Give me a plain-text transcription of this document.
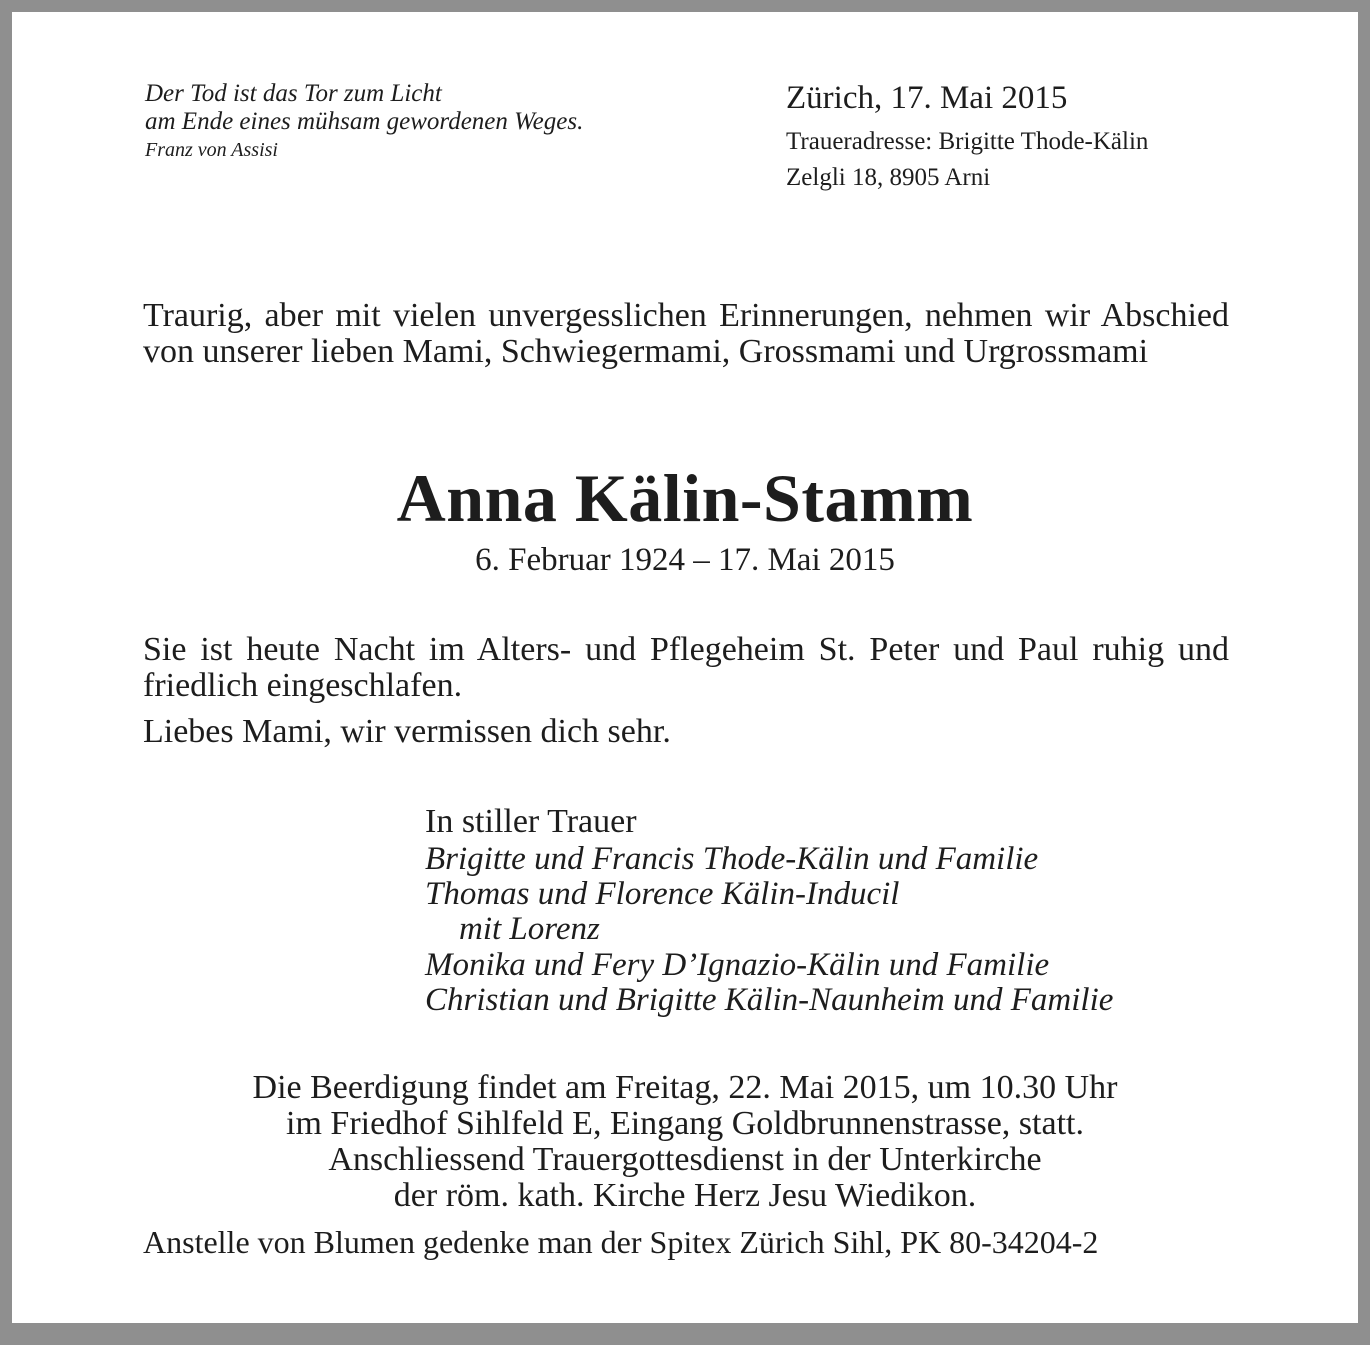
Der Tod ist das Tor zum Licht
am Ende eines mühsam gewordenen Weges.
Franz von Assisi
Zürich, 17. Mai 2015
Traueradresse: Brigitte Thode-Kälin
Zelgli 18, 8905 Arni

Traurig, aber mit vielen unvergesslichen Erinnerungen, nehmen wir Abschied von unserer lieben Mami, Schwiegermami, Grossmami und Urgrossmami

Anna Kälin-Stamm
6. Februar 1924 – 17. Mai 2015

Sie ist heute Nacht im Alters- und Pflegeheim St. Peter und Paul ruhig und friedlich eingeschlafen.

Liebes Mami, wir vermissen dich sehr.
In stiller Trauer
Brigitte und Francis Thode-Kälin und Familie
Thomas und Florence Kälin-Inducil
mit Lorenz
Monika und Fery D’Ignazio-Kälin und Familie
Christian und Brigitte Kälin-Naunheim und Familie
Die Beerdigung findet am Freitag, 22. Mai 2015, um 10.30 Uhr
im Friedhof Sihlfeld E, Eingang Goldbrunnenstrasse, statt.
Anschliessend Trauergottesdienst in der Unterkirche
der röm. kath. Kirche Herz Jesu Wiedikon.
Anstelle von Blumen gedenke man der Spitex Zürich Sihl, PK 80-34204-2
